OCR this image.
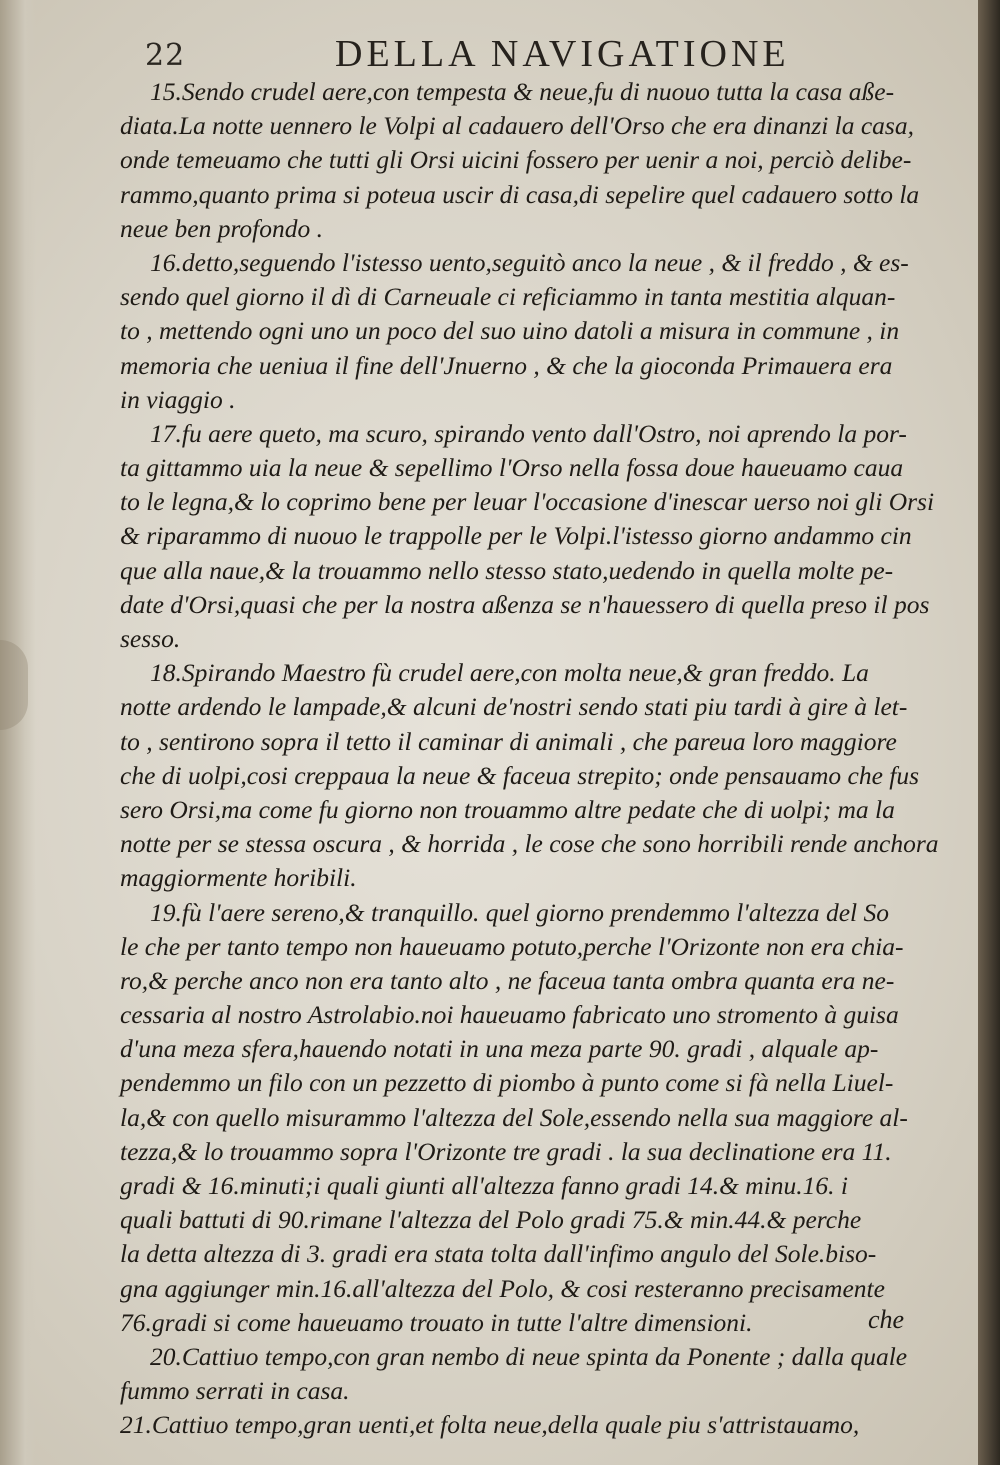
22	DELLA NAVIGATIONE
15.Sendo crudel aere,con tempesta & neue,fu di nuouo tutta la casa aße-
diata.La notte uennero le Volpi al cadauero dell'Orso che era dinanzi la casa,
onde temeuamo che tutti gli Orsi uicini fossero per uenir a noi, perciò delibe-
rammo,quanto prima si poteua uscir di casa,di sepelire quel cadauero sotto la
neue ben profondo .
16.detto,seguendo l'istesso uento,seguitò anco la neue , & il freddo , & es-
sendo quel giorno il dì di Carneuale ci reficiammo in tanta mestitia alquan-
to , mettendo ogni uno un poco del suo uino datoli a misura in commune , in
memoria che ueniua il fine dell'Jnuerno , & che la gioconda Primauera era
in viaggio .
17.fu aere queto, ma scuro, spirando vento dall'Ostro, noi aprendo la por-
ta gittammo uia la neue & sepellimo l'Orso nella fossa doue haueuamo caua
to le legna,& lo coprimo bene per leuar l'occasione d'inescar uerso noi gli Orsi
& riparammo di nuouo le trappolle per le Volpi.l'istesso giorno andammo cin
que alla naue,& la trouammo nello stesso stato,uedendo in quella molte pe-
date d'Orsi,quasi che per la nostra aßenza se n'hauessero di quella preso il pos
sesso.
18.Spirando Maestro fù crudel aere,con molta neue,& gran freddo. La
notte ardendo le lampade,& alcuni de'nostri sendo stati piu tardi à gire à let-
to , sentirono sopra il tetto il caminar di animali , che pareua loro maggiore
che di uolpi,cosi creppaua la neue & faceua strepito; onde pensauamo che fus
sero Orsi,ma come fu giorno non trouammo altre pedate che di uolpi; ma la
notte per se stessa oscura , & horrida , le cose che sono horribili rende anchora
maggiormente horibili.
19.fù l'aere sereno,& tranquillo. quel giorno prendemmo l'altezza del So
le che per tanto tempo non haueuamo potuto,perche l'Orizonte non era chia-
ro,& perche anco non era tanto alto , ne faceua tanta ombra quanta era ne-
cessaria al nostro Astrolabio.noi haueuamo fabricato uno stromento à guisa
d'una meza sfera,hauendo notati in una meza parte 90. gradi , alquale ap-
pendemmo un filo con un pezzetto di piombo à punto come si fà nella Liuel-
la,& con quello misurammo l'altezza del Sole,essendo nella sua maggiore al-
tezza,& lo trouammo sopra l'Orizonte tre gradi . la sua declinatione era 11.
gradi & 16.minuti;i quali giunti all'altezza fanno gradi 14.& minu.16. i
quali battuti di 90.rimane l'altezza del Polo gradi 75.& min.44.& perche
la detta altezza di 3. gradi era stata tolta dall'infimo angulo del Sole.biso-
gna aggiunger min.16.all'altezza del Polo, & cosi resteranno precisamente
76.gradi si come haueuamo trouato in tutte l'altre dimensioni.
20.Cattiuo tempo,con gran nembo di neue spinta da Ponente ; dalla quale
fummo serrati in casa.
21.Cattiuo tempo,gran uenti,et folta neue,della quale piu s'attristauamo,
che
